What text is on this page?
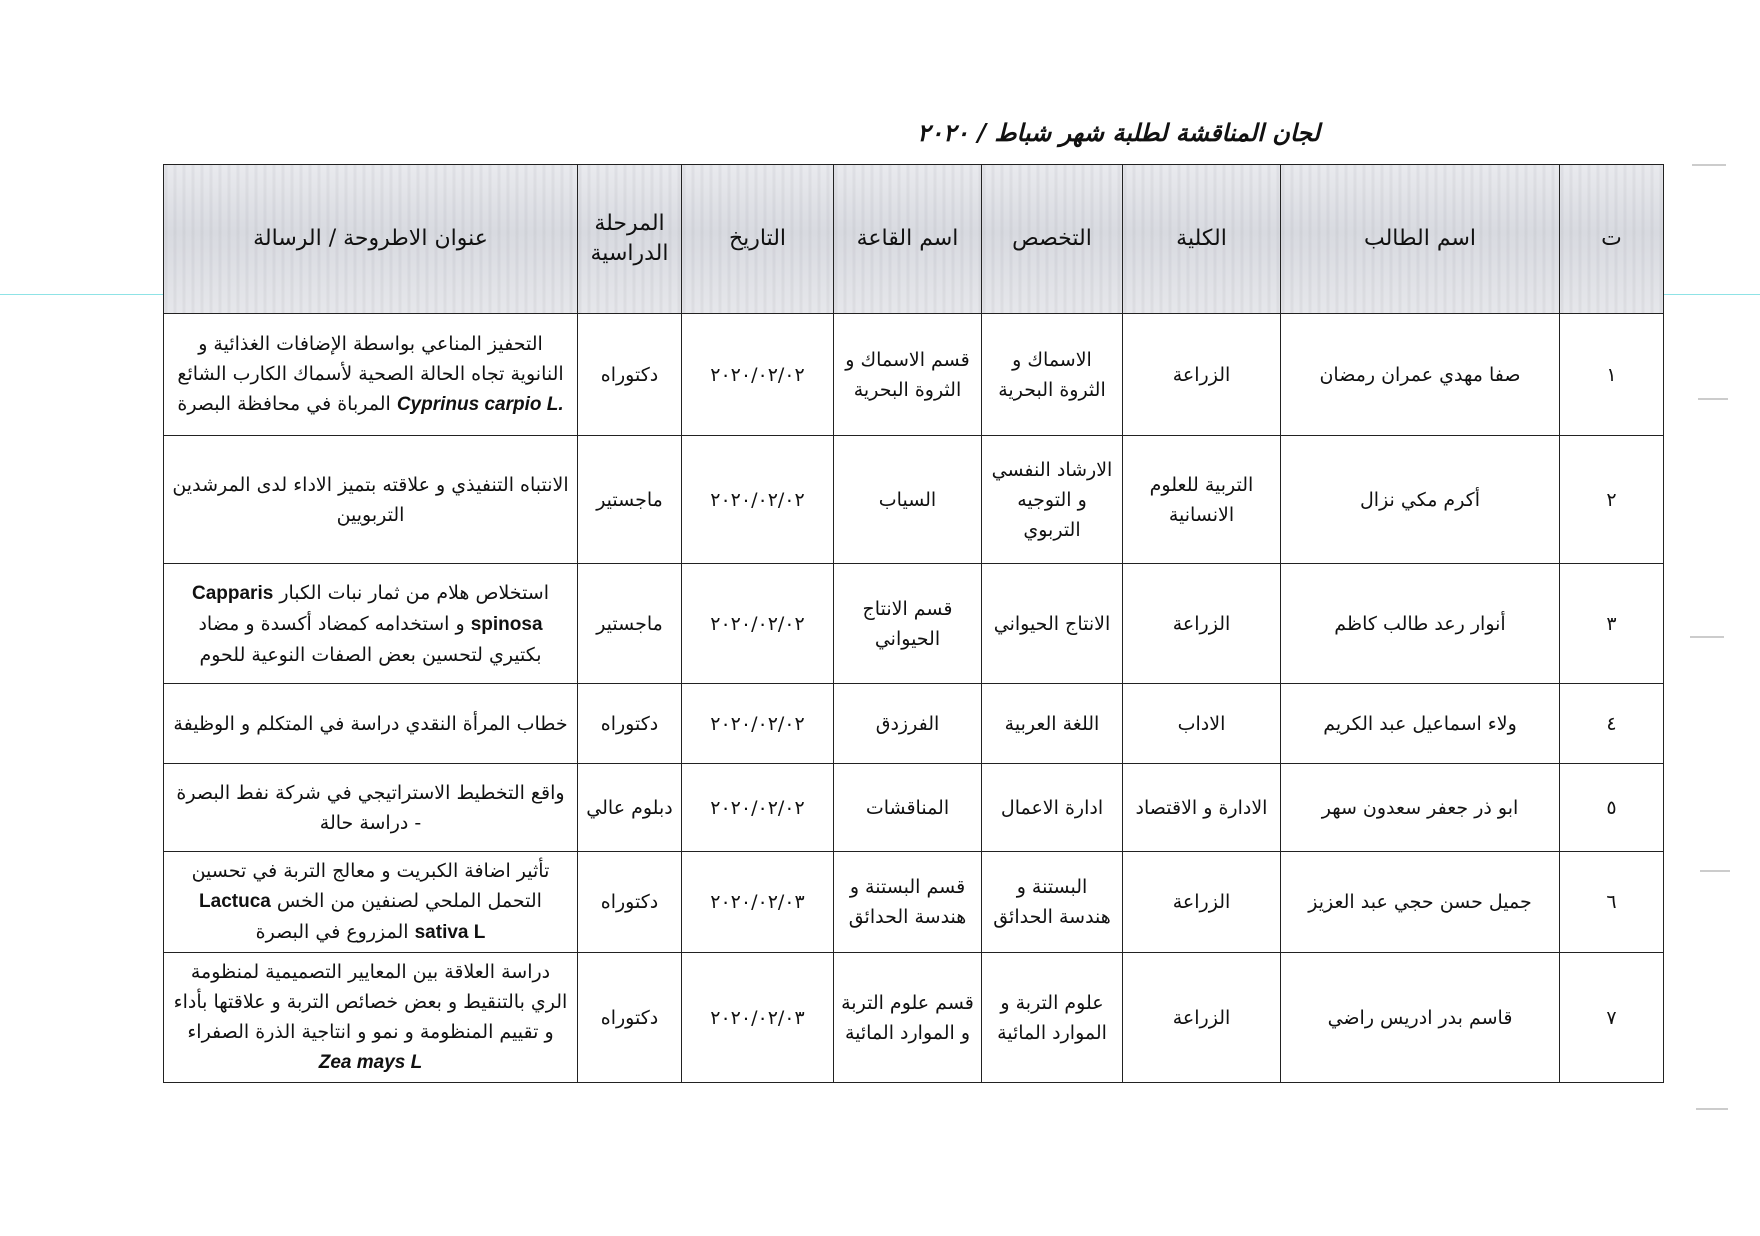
لجان المناقشة لطلبة شهر شباط / ٢٠٢٠
ت	اسم الطالب	الكلية	التخصص	اسم القاعة	التاريخ	المرحلة الدراسية	عنوان الاطروحة / الرسالة
١	صفا مهدي عمران رمضان	الزراعة	الاسماك و الثروة البحرية	قسم الاسماك و الثروة البحرية	٢٠٢٠/٠٢/٠٢	دكتوراه	التحفيز المناعي بواسطة الإضافات الغذائية و النانوية تجاه الحالة الصحية لأسماك الكارب الشائع Cyprinus carpio L. المرباة في محافظة البصرة
٢	أكرم مكي نزال	التربية للعلوم الانسانية	الارشاد النفسي و التوجيه التربوي	السياب	٢٠٢٠/٠٢/٠٢	ماجستير	الانتباه التنفيذي و علاقته بتميز الاداء لدى المرشدين التربويين
٣	أنوار رعد طالب كاظم	الزراعة	الانتاج الحيواني	قسم الانتاج الحيواني	٢٠٢٠/٠٢/٠٢	ماجستير	استخلاص هلام من ثمار نبات الكبار Capparis spinosa و استخدامه كمضاد أكسدة و مضاد بكتيري لتحسين بعض الصفات النوعية للحوم
٤	ولاء اسماعيل عبد الكريم	الاداب	اللغة العربية	الفرزدق	٢٠٢٠/٠٢/٠٢	دكتوراه	خطاب المرأة النقدي دراسة في المتكلم و الوظيفة
٥	ابو ذر جعفر سعدون سهر	الادارة و الاقتصاد	ادارة الاعمال	المناقشات	٢٠٢٠/٠٢/٠٢	دبلوم عالي	واقع التخطيط الاستراتيجي في شركة نفط البصرة - دراسة حالة
٦	جميل حسن حجي عبد العزيز	الزراعة	البستنة و هندسة الحدائق	قسم البستنة و هندسة الحدائق	٢٠٢٠/٠٢/٠٣	دكتوراه	تأثير اضافة الكبريت و معالج التربة في تحسين التحمل الملحي لصنفين من الخس Lactuca sativa L المزروع في البصرة
٧	قاسم بدر ادريس راضي	الزراعة	علوم التربة و الموارد المائية	قسم علوم التربة و الموارد المائية	٢٠٢٠/٠٢/٠٣	دكتوراه	دراسة العلاقة بين المعايير التصميمية لمنظومة الري بالتنقيط و بعض خصائص التربة و علاقتها بأداء و تقييم المنظومة و نمو و انتاجية الذرة الصفراء Zea mays L
